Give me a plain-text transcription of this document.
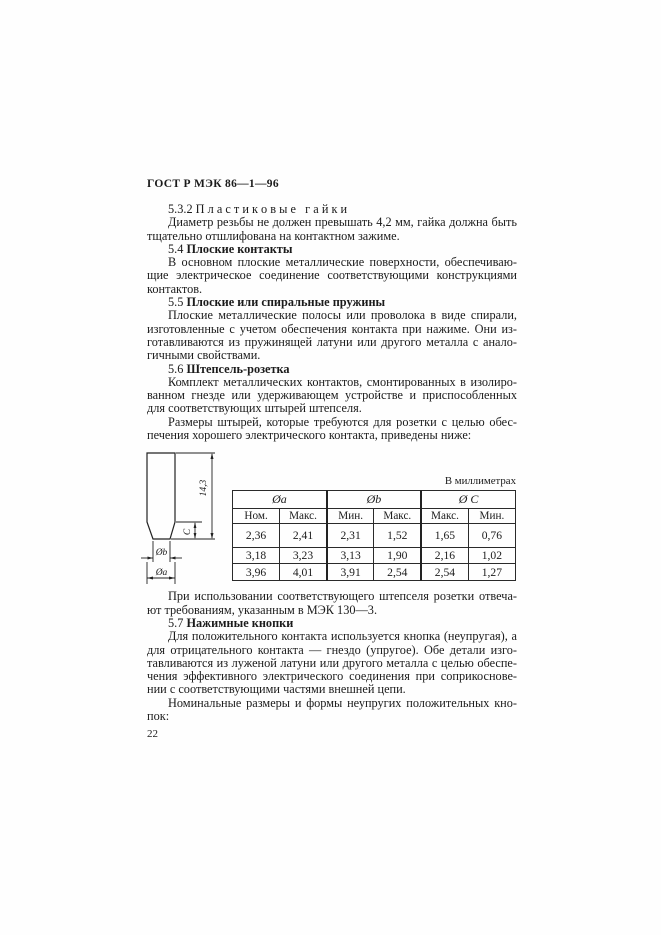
ГОСТ Р МЭК 86—1—96
5.3.2 П л а с т и к о в ы е   г а й к и
Диаметр резьбы не должен превышать 4,2 мм, гайка должна быть
тщательно отшлифована на контактном зажиме.
5.4 Плоские контакты
В основном плоские металлические поверхности, обеспечиваю-
щие электрическое соединение соответствующими конструкциями
контактов.
5.5 Плоские или спиральные пружины
Плоские металлические полосы или проволока в виде спирали,
изготовленные с учетом обеспечения контакта при нажиме. Они из-
готавливаются из пружинящей латуни или другого металла с анало-
гичными свойствами.
5.6 Штепсель-розетка
Комплект металлических контактов, смонтированных в изолиро-
ванном гнезде или удерживающем устройстве и приспособленных
для соответствующих штырей штепселя.
Размеры штырей, которые требуются для розетки с целью обес-
печения хорошего электрического контакта, приведены ниже:
При использовании соответствующего штепселя розетки отвеча-
ют требованиям, указанным в МЭК 130—3.
5.7 Нажимные кнопки
Для положительного контакта используется кнопка (неупругая), а
для отрицательного контакта — гнездо (упругое). Обе детали изго-
тавливаются из луженой латуни или другого металла с целью обеспе-
чения эффективного электрического соединения при соприкоснове-
нии с соответствующими частями внешней цепи.
Номинальные размеры и формы неупругих положительных кно-
пок:
14,3
C
Øb
Øa
В миллиметрах
Øa		Øb		Ø C	
Ном.	Макс.	Мин.	Макс.	Макс.	Мин.
2,36	2,41	2,31	1,52	1,65	0,76
3,18	3,23	3,13	1,90	2,16	1,02
3,96	4,01	3,91	2,54	2,54	1,27
22
